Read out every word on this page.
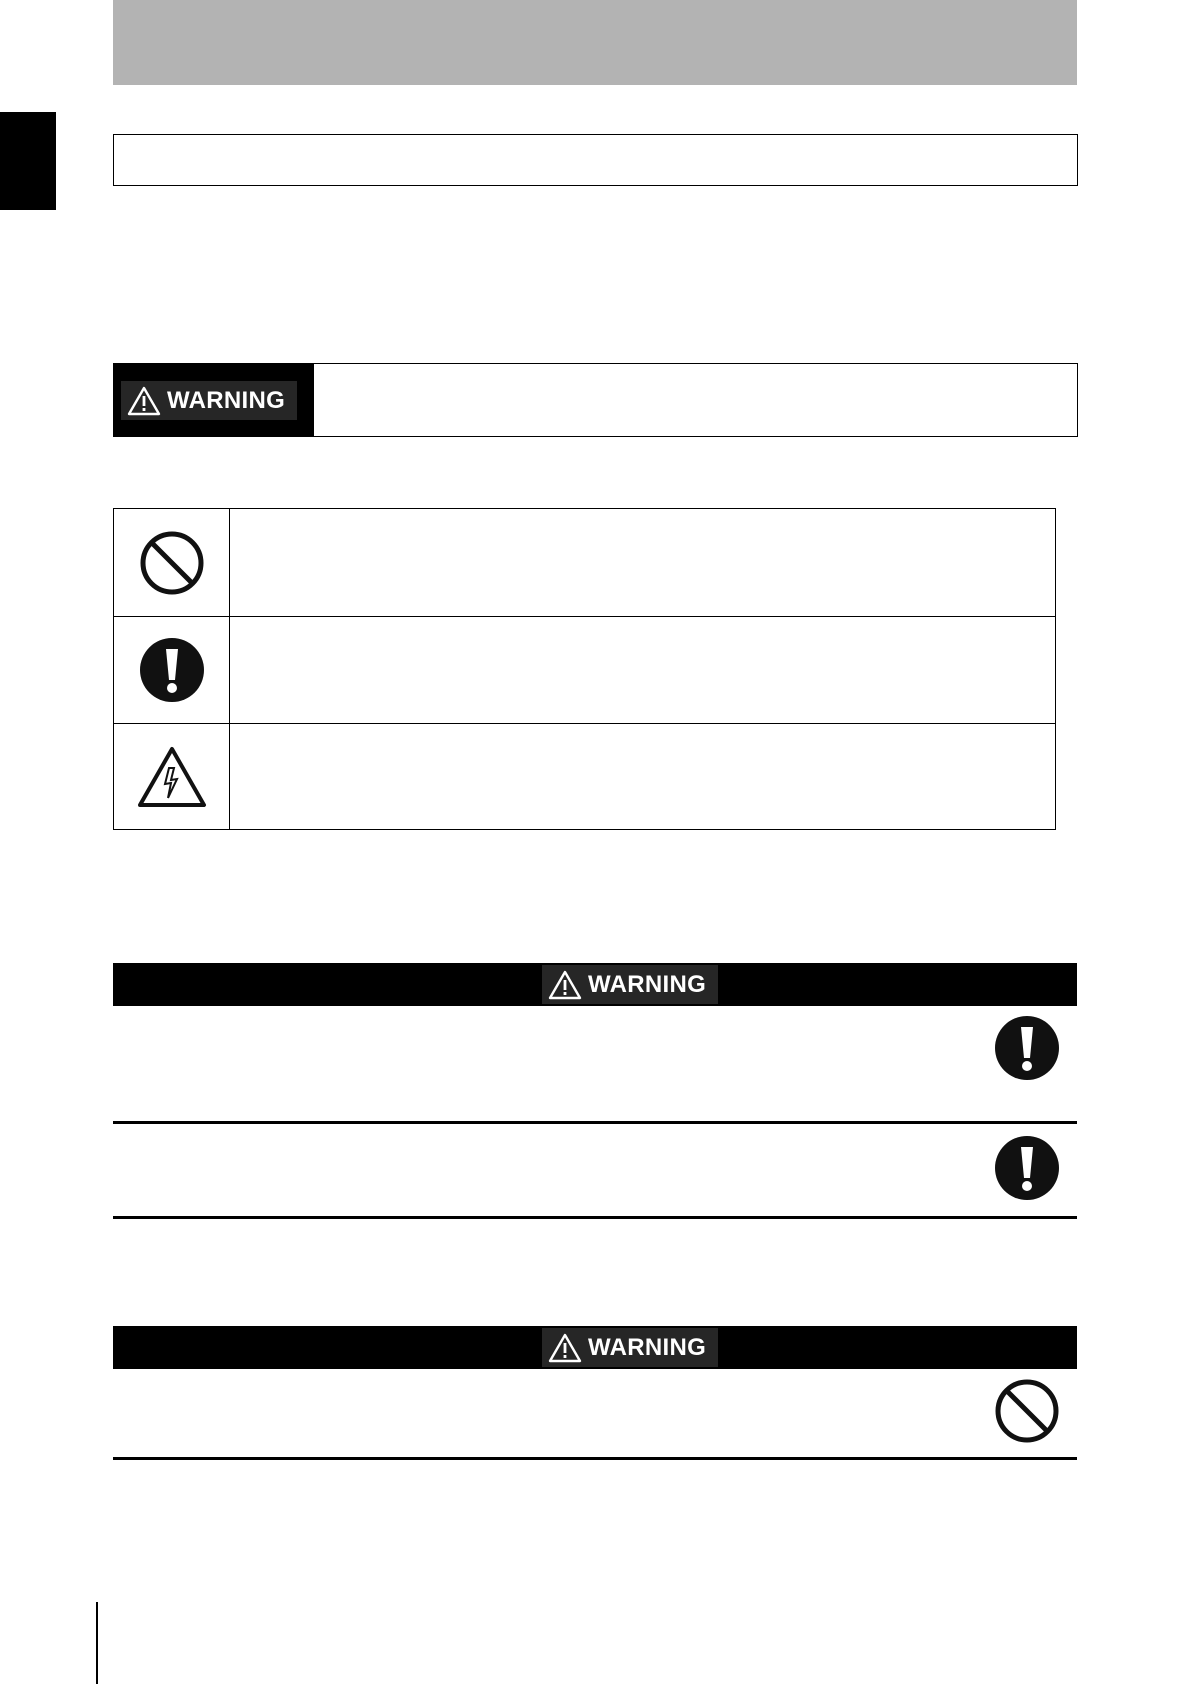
WARNING
WARNING
WARNING
